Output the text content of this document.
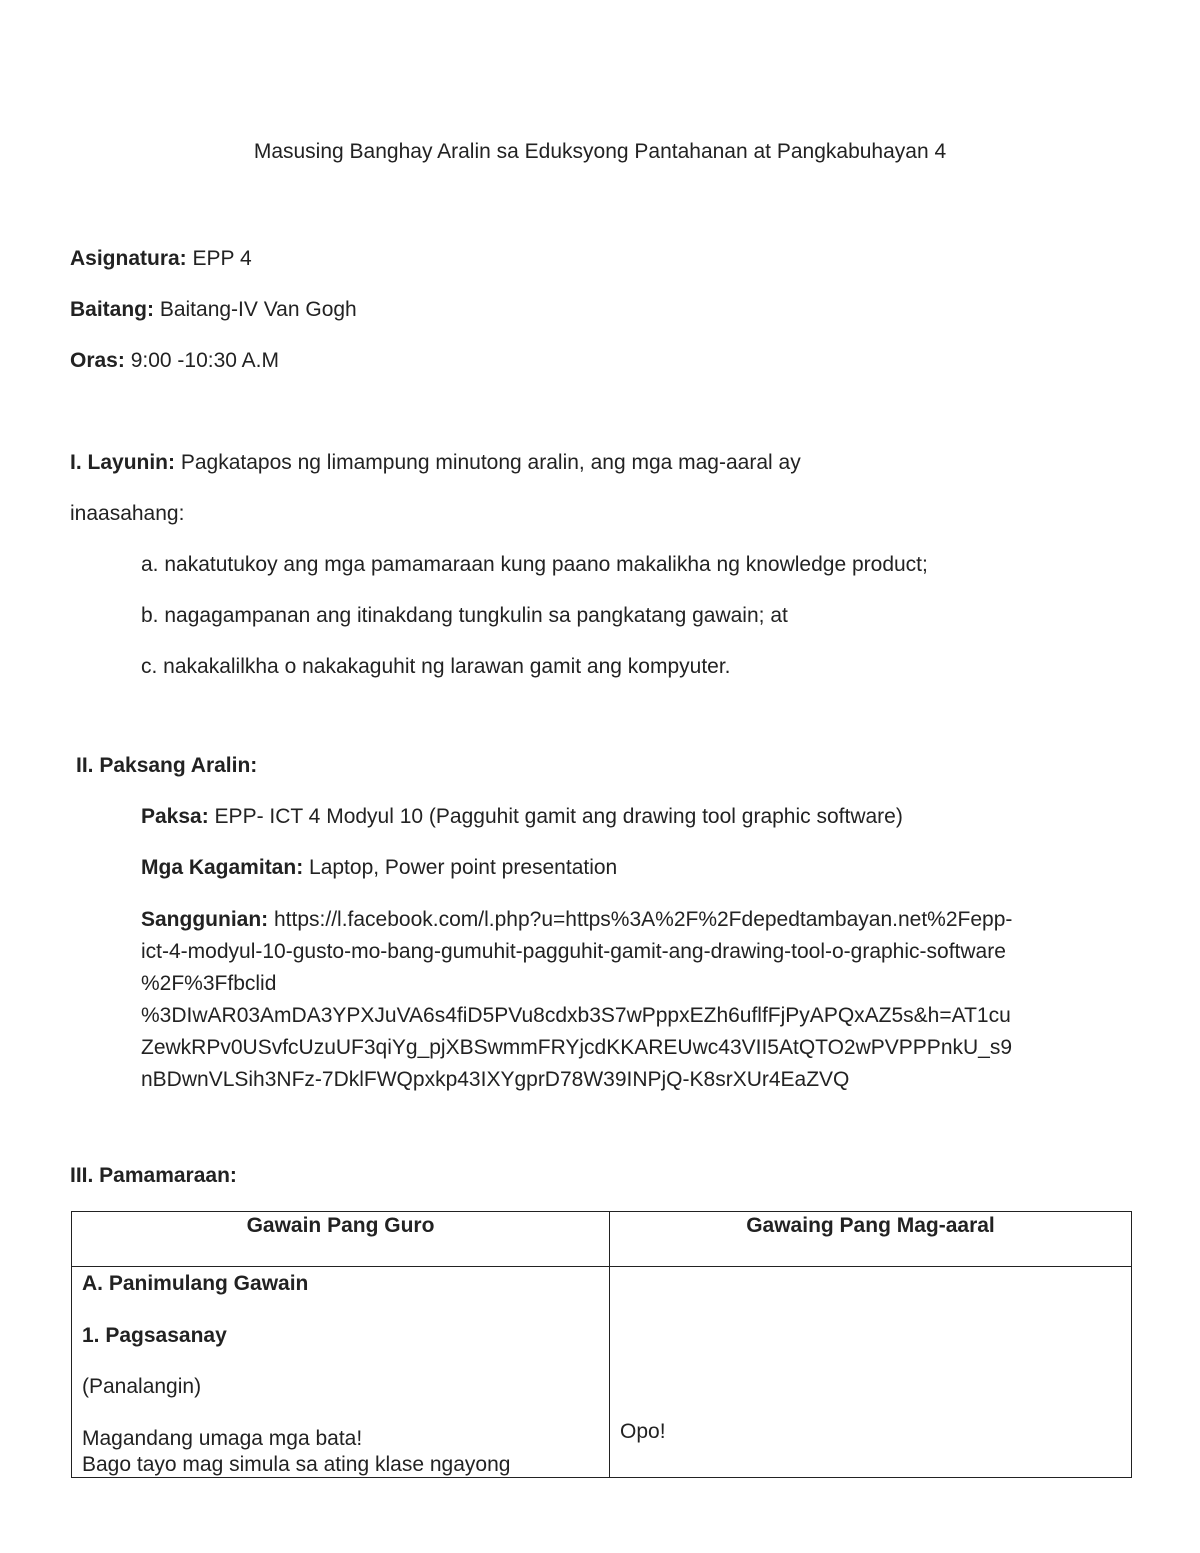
Masusing Banghay Aralin sa Eduksyong Pantahanan at Pangkabuhayan 4
Asignatura: EPP 4
Baitang: Baitang-IV Van Gogh
Oras: 9:00 -10:30 A.M
I. Layunin: Pagkatapos ng limampung minutong aralin, ang mga mag-aaral ay
inaasahang:
a. nakatutukoy ang mga pamamaraan kung paano makalikha ng knowledge product;
b. nagagampanan ang itinakdang tungkulin sa pangkatang gawain; at
c. nakakalilkha o nakakaguhit ng larawan gamit ang kompyuter.
II. Paksang Aralin:
Paksa: EPP- ICT 4 Modyul 10 (Pagguhit gamit ang drawing tool graphic software)
Mga Kagamitan: Laptop, Power point presentation
Sanggunian: https://l.facebook.com/l.php?u=https%3A%2F%2Fdepedtambayan.net%2Fepp-
ict-4-modyul-10-gusto-mo-bang-gumuhit-pagguhit-gamit-ang-drawing-tool-o-graphic-software
%2F%3Ffbclid
%3DIwAR03AmDA3YPXJuVA6s4fiD5PVu8cdxb3S7wPppxEZh6uflfFjPyAPQxAZ5s&h=AT1cu
ZewkRPv0USvfcUzuUF3qiYg_pjXBSwmmFRYjcdKKAREUwc43VII5AtQTO2wPVPPPnkU_s9
nBDwnVLSih3NFz-7DklFWQpxkp43IXYgprD78W39INPjQ-K8srXUr4EaZVQ
III. Pamamaraan:
Gawain Pang Guro	Gawaing Pang Mag-aaral

A. Panimulang Gawain
1. Pagsasanay
(Panalangin)
Magandang umaga mga bata!
Bago tayo mag simula sa ating klase ngayong	Opo!
